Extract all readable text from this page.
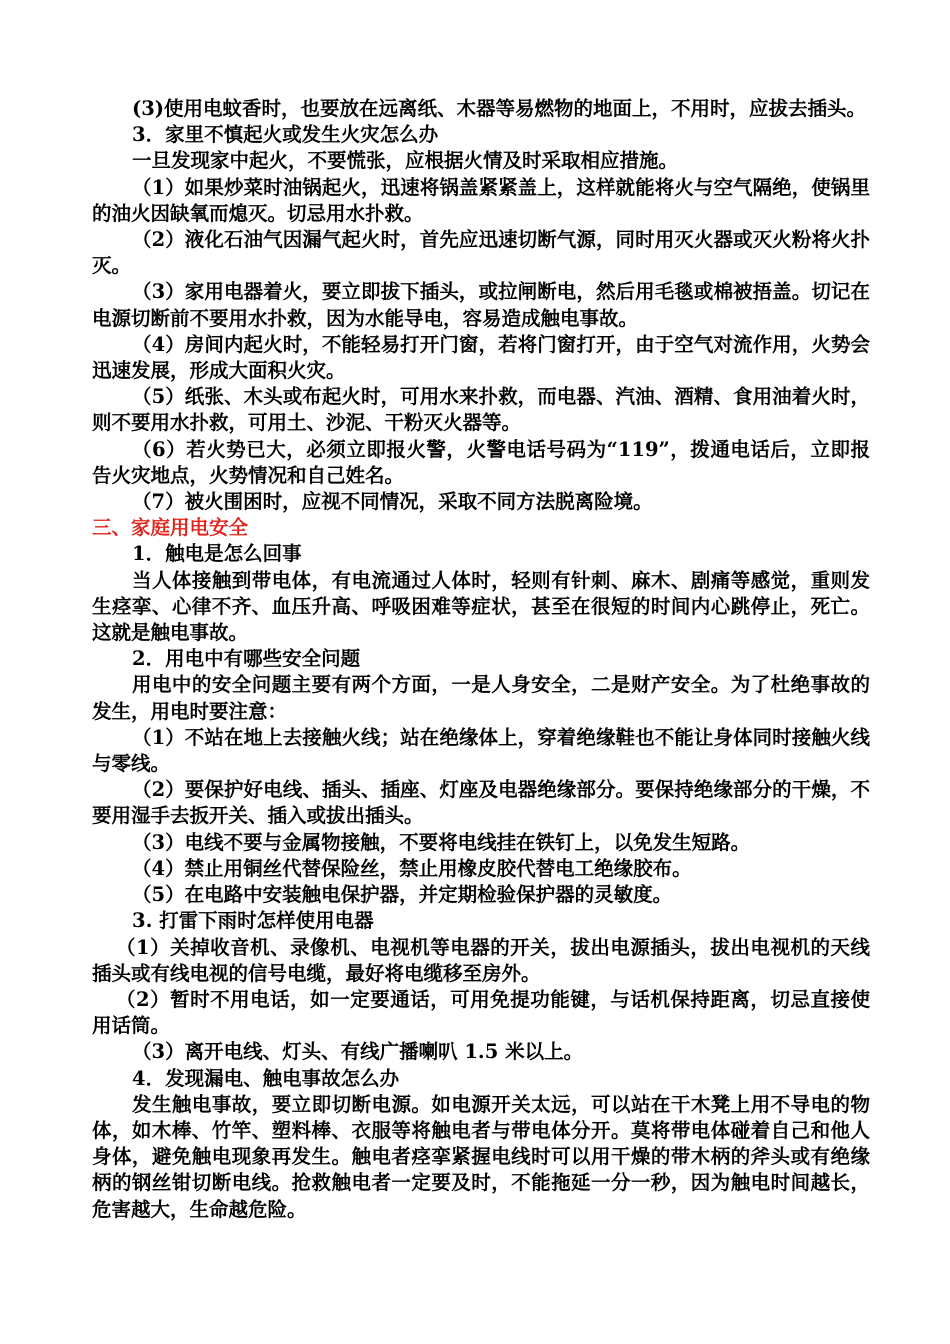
(3)使用电蚊香时，也要放在远离纸、木器等易燃物的地面上，不用时，应拔去插头。

3．家里不慎起火或发生火灾怎么办

一旦发现家中起火，不要慌张，应根据火情及时采取相应措施。

（1）如果炒菜时油锅起火，迅速将锅盖紧紧盖上，这样就能将火与空气隔绝，使锅里的油火因缺氧而熄灭。切忌用水扑救。

（2）液化石油气因漏气起火时，首先应迅速切断气源，同时用灭火器或灭火粉将火扑灭。

（3）家用电器着火，要立即拔下插头，或拉闸断电，然后用毛毯或棉被捂盖。切记在电源切断前不要用水扑救，因为水能导电，容易造成触电事故。

（4）房间内起火时，不能轻易打开门窗，若将门窗打开，由于空气对流作用，火势会迅速发展，形成大面积火灾。

（5）纸张、木头或布起火时，可用水来扑救，而电器、汽油、酒精、食用油着火时，则不要用水扑救，可用土、沙泥、干粉灭火器等。

（6）若火势已大，必须立即报火警，火警电话号码为“119”，拨通电话后，立即报告火灾地点，火势情况和自己姓名。

（7）被火围困时，应视不同情况，采取不同方法脱离险境。

三、家庭用电安全

1．触电是怎么回事

当人体接触到带电体，有电流通过人体时，轻则有针刺、麻木、剧痛等感觉，重则发生痉挛、心律不齐、血压升高、呼吸困难等症状，甚至在很短的时间内心跳停止，死亡。这就是触电事故。

2．用电中有哪些安全问题

用电中的安全问题主要有两个方面，一是人身安全，二是财产安全。为了杜绝事故的发生，用电时要注意：

（1）不站在地上去接触火线；站在绝缘体上，穿着绝缘鞋也不能让身体同时接触火线与零线。

（2）要保护好电线、插头、插座、灯座及电器绝缘部分。要保持绝缘部分的干燥，不要用湿手去扳开关、插入或拔出插头。

（3）电线不要与金属物接触，不要将电线挂在铁钉上，以免发生短路。

（4）禁止用铜丝代替保险丝，禁止用橡皮胶代替电工绝缘胶布。

（5）在电路中安装触电保护器，并定期检验保护器的灵敏度。

3. 打雷下雨时怎样使用电器

（1）关掉收音机、录像机、电视机等电器的开关，拔出电源插头，拔出电视机的天线插头或有线电视的信号电缆，最好将电缆移至房外。

（2）暂时不用电话，如一定要通话，可用免提功能键，与话机保持距离，切忌直接使用话筒。

（3）离开电线、灯头、有线广播喇叭 1.5 米以上。

4．发现漏电、触电事故怎么办

发生触电事故，要立即切断电源。如电源开关太远，可以站在干木凳上用不导电的物体，如木棒、竹竿、塑料棒、衣服等将触电者与带电体分开。莫将带电体碰着自己和他人身体，避免触电现象再发生。触电者痉挛紧握电线时可以用干燥的带木柄的斧头或有绝缘柄的钢丝钳切断电线。抢救触电者一定要及时，不能拖延一分一秒，因为触电时间越长，危害越大，生命越危险。
